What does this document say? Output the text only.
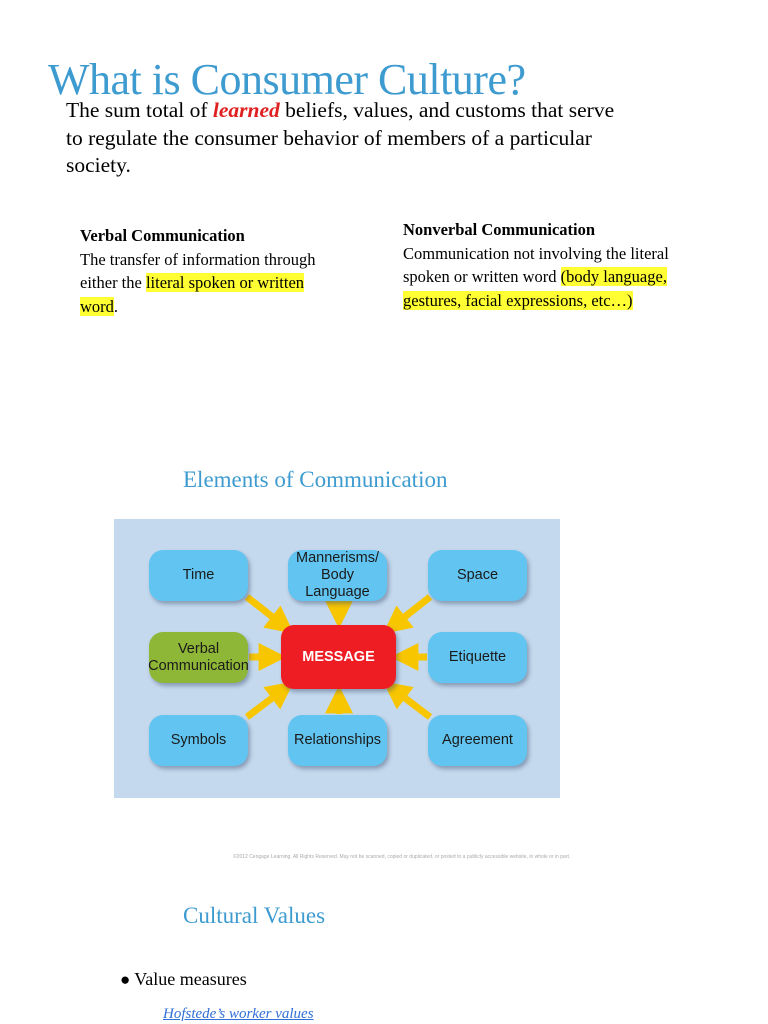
What is Consumer Culture?
The sum total of learned beliefs, values, and customs that serve to regulate the consumer behavior of members of a particular society.
Verbal Communication
The transfer of information through either the literal spoken or written word.
Nonverbal Communication
Communication not involving the literal spoken or written word (body language, gestures, facial expressions, etc…)
Elements of Communication
Time
Mannerisms/
Body Language
Space
Verbal
Communication
MESSAGE	Etiquette
Symbols	Relationships	Agreement
©2012 Cengage Learning. All Rights Reserved. May not be scanned, copied or duplicated, or posted to a publicly accessible website, in whole or in part.
Cultural Values
● Value measures
Hofstede’s worker values
